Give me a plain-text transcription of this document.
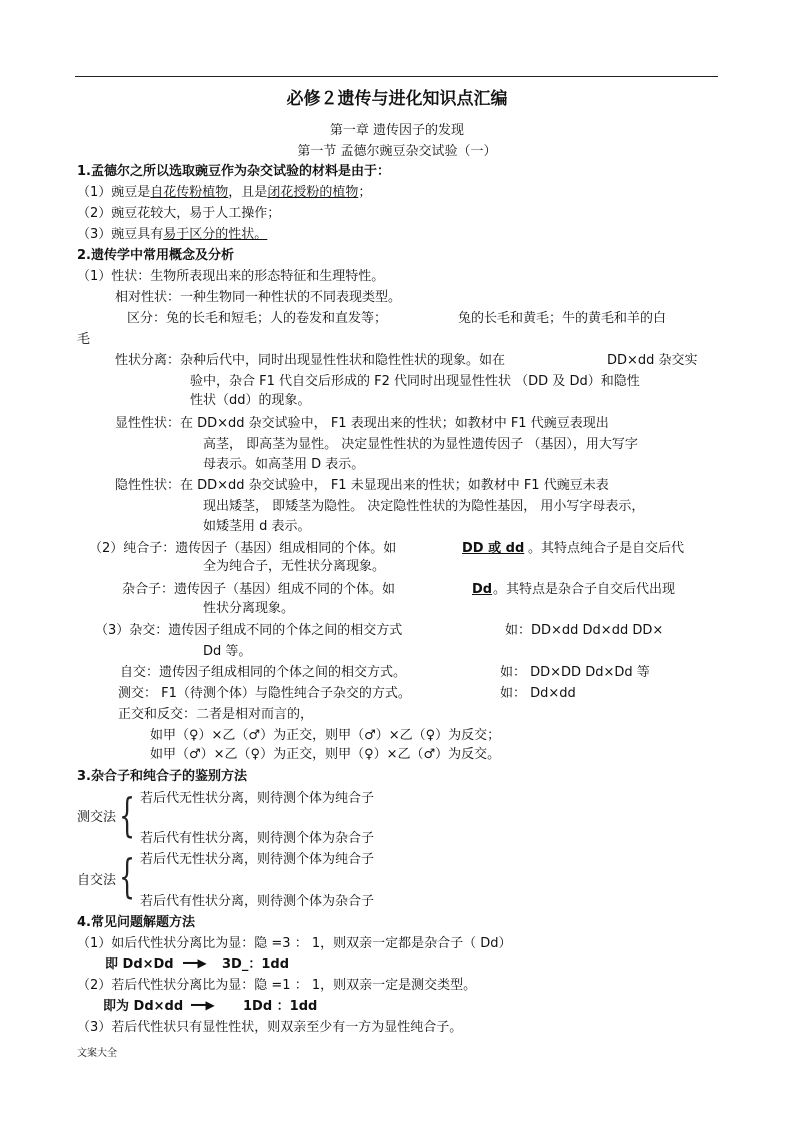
必修２遗传与进化知识点汇编
第一章 遗传因子的发现
第一节 孟德尔豌豆杂交试验（一）
1.孟德尔之所以选取豌豆作为杂交试验的材料是由于：
（1）豌豆是自花传粉植物，且是闭花授粉的植物；
（2）豌豆花较大，易于人工操作；
（3）豌豆具有易于区分的性状。
2.遗传学中常用概念及分析
（1）性状：生物所表现出来的形态特征和生理特性。
相对性状：一种生物同一种性状的不同表现类型。
区分：兔的长毛和短毛；人的卷发和直发等；	兔的长毛和黄毛；牛的黄毛和羊的白
毛
性状分离：杂种后代中，同时出现显性性状和隐性性状的现象。如在	DD×dd 杂交实
验中，杂合 F1 代自交后形成的 F2 代同时出现显性性状 （DD 及 Dd）和隐性
性状（dd）的现象。
显性性状：在 DD×dd 杂交试验中， F1 表现出来的性状；如教材中 F1 代豌豆表现出
高茎， 即高茎为显性。 决定显性性状的为显性遗传因子 （基因），用大写字
母表示。如高茎用 D 表示。
隐性性状：在 DD×dd 杂交试验中， F1 未显现出来的性状；如教材中 F1 代豌豆未表
现出矮茎， 即矮茎为隐性。 决定隐性性状的为隐性基因， 用小写字母表示，
如矮茎用 d 表示。
（2）纯合子：遗传因子（基因）组成相同的个体。如	DD 或 dd 。其特点纯合子是自交后代
全为纯合子，无性状分离现象。
杂合子：遗传因子（基因）组成不同的个体。如	Dd 。其特点是杂合子自交后代出现
性状分离现象。
（3）杂交：遗传因子组成不同的个体之间的相交方式	如：DD×dd Dd×dd DD×
Dd 等。
自交：遗传因子组成相同的个体之间的相交方式。	如： DD×DD Dd×Dd 等
测交： F1（待测个体）与隐性纯合子杂交的方式。	如： Dd×dd
正交和反交：二者是相对而言的，
如甲（♀）×乙（♂）为正交，则甲（♂）×乙（♀）为反交；
如甲（♂）×乙（♀）为正交，则甲（♀）×乙（♂）为反交。
3.杂合子和纯合子的鉴别方法
若后代无性状分离，则待测个体为纯合子
测交法 { 若后代有性状分离，则待测个体为杂合子
若后代无性状分离，则待测个体为纯合子
自交法 { 若后代有性状分离，则待测个体为杂合子
4.常见问题解题方法
（1）如后代性状分离比为显：隐 =3 ： 1，则双亲一定都是杂合子（ Dd）
即 Dd×Dd ━━▶ 3D_：1dd
（2）若后代性状分离比为显：隐 =1 ： 1，则双亲一定是测交类型。
即为 Dd×dd ━━▶ 1Dd ：1dd
（3）若后代性状只有显性性状，则双亲至少有一方为显性纯合子。
文案大全
